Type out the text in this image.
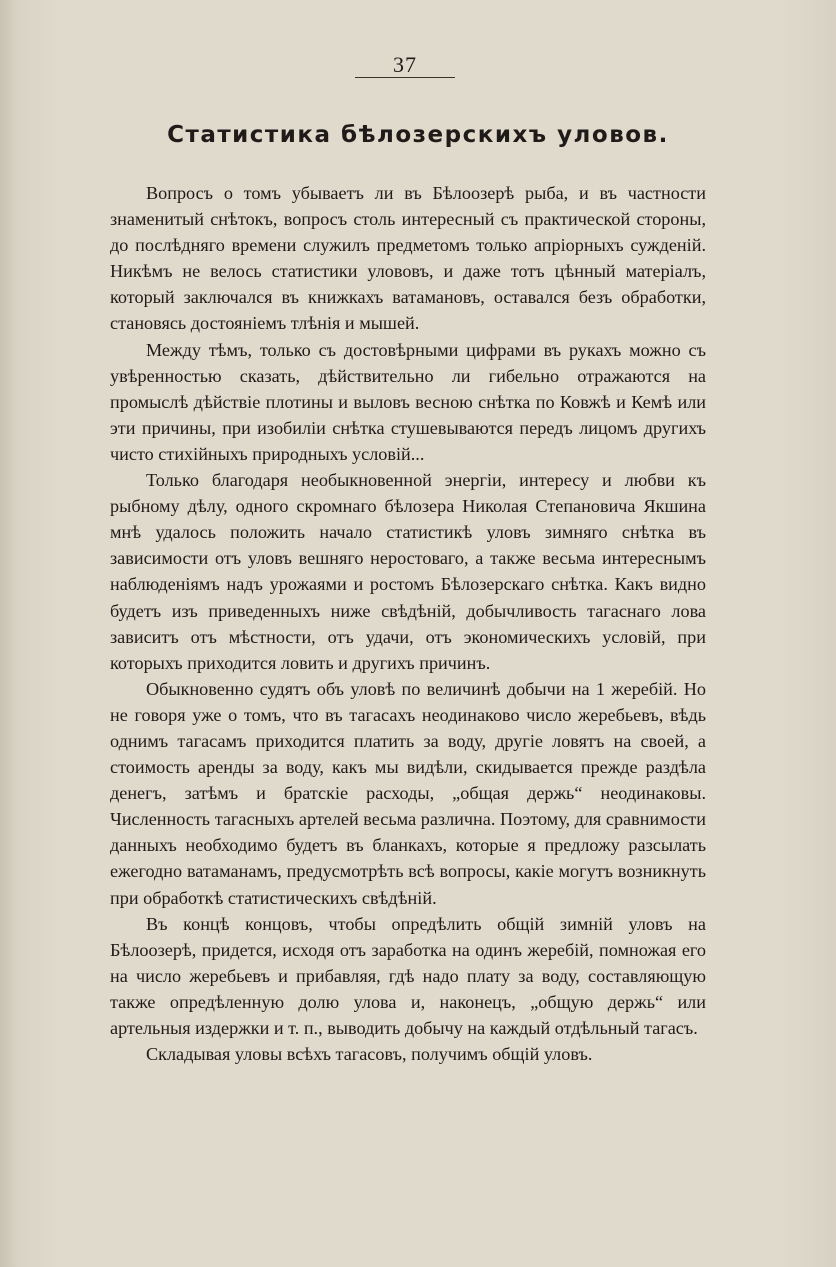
37
Статистика бѣлозерскихъ уловов.

Вопросъ о томъ убываетъ ли въ Бѣлоозерѣ рыба, и въ частности знаменитый снѣтокъ, вопросъ столь интересный съ практической стороны, до послѣдняго времени служилъ предметомъ только апріорныхъ сужденій. Никѣмъ не велось статистики улововъ, и даже тотъ цѣнный матеріалъ, который заключался въ книжкахъ ватамановъ, оставался безъ обработки, становясь достояніемъ тлѣнія и мышей.

Между тѣмъ, только съ достовѣрными цифрами въ рукахъ можно съ увѣренностью сказать, дѣйствительно ли гибельно отражаются на промыслѣ дѣйствіе плотины и выловъ весною снѣтка по Ковжѣ и Кемѣ или эти причины, при изобиліи снѣтка стушевываются передъ лицомъ другихъ чисто стихійныхъ природныхъ условій...

Только благодаря необыкновенной энергіи, интересу и любви къ рыбному дѣлу, одного скромнаго бѣлозера Николая Степановича Якшина мнѣ удалось положить начало статистикѣ уловъ зимняго снѣтка въ зависимости отъ уловъ вешняго неростоваго, а также весьма интереснымъ наблюденіямъ надъ урожаями и ростомъ Бѣлозерскаго снѣтка. Какъ видно будетъ изъ приведенныхъ ниже свѣдѣній, добычливость тагаснаго лова зависитъ отъ мѣстности, отъ удачи, отъ экономическихъ условій, при которыхъ приходится ловить и другихъ причинъ.

Обыкновенно судятъ объ уловѣ по величинѣ добычи на 1 жеребій. Но не говоря уже о томъ, что въ тагасахъ неодинаково число жеребьевъ, вѣдь однимъ тагасамъ приходится платить за воду, другіе ловятъ на своей, а стоимость аренды за воду, какъ мы видѣли, скидывается прежде раздѣла денегъ, затѣмъ и братскіе расходы, „общая держь“ неодинаковы. Численность тагасныхъ артелей весьма различна. Поэтому, для сравнимости данныхъ необходимо будетъ въ бланкахъ, которые я предложу разсылать ежегодно ватаманамъ, предусмотрѣть всѣ вопросы, какіе могутъ возникнуть при обработкѣ статистическихъ свѣдѣній.

Въ концѣ концовъ, чтобы опредѣлить общій зимній уловъ на Бѣлоозерѣ, придется, исходя отъ заработка на одинъ жеребій, помножая его на число жеребьевъ и прибавляя, гдѣ надо плату за воду, составляющую также опредѣленную долю улова и, наконецъ, „общую держь“ или артельныя издержки и т. п., выводить добычу на каждый отдѣльный тагасъ.

Складывая уловы всѣхъ тагасовъ, получимъ общій уловъ.
